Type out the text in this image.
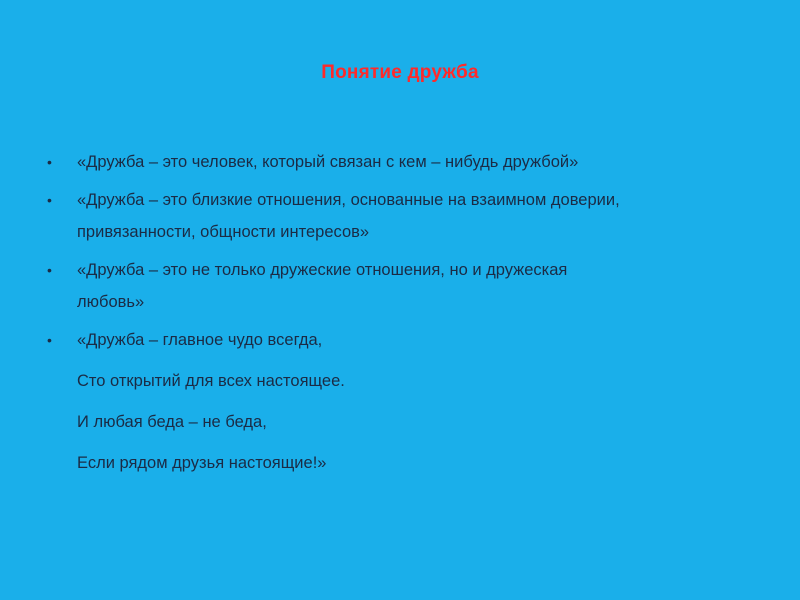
Понятие дружба
•	«Дружба – это человек, который связан с кем – нибудь дружбой»
•	«Дружба – это близкие отношения, основанные на взаимном доверии,
привязанности, общности интересов»
•	«Дружба – это не только дружеские отношения, но и дружеская
любовь»
•	«Дружба – главное чудо всегда,
Сто открытий для всех настоящее.
И любая беда – не беда,
Если рядом друзья настоящие!»
